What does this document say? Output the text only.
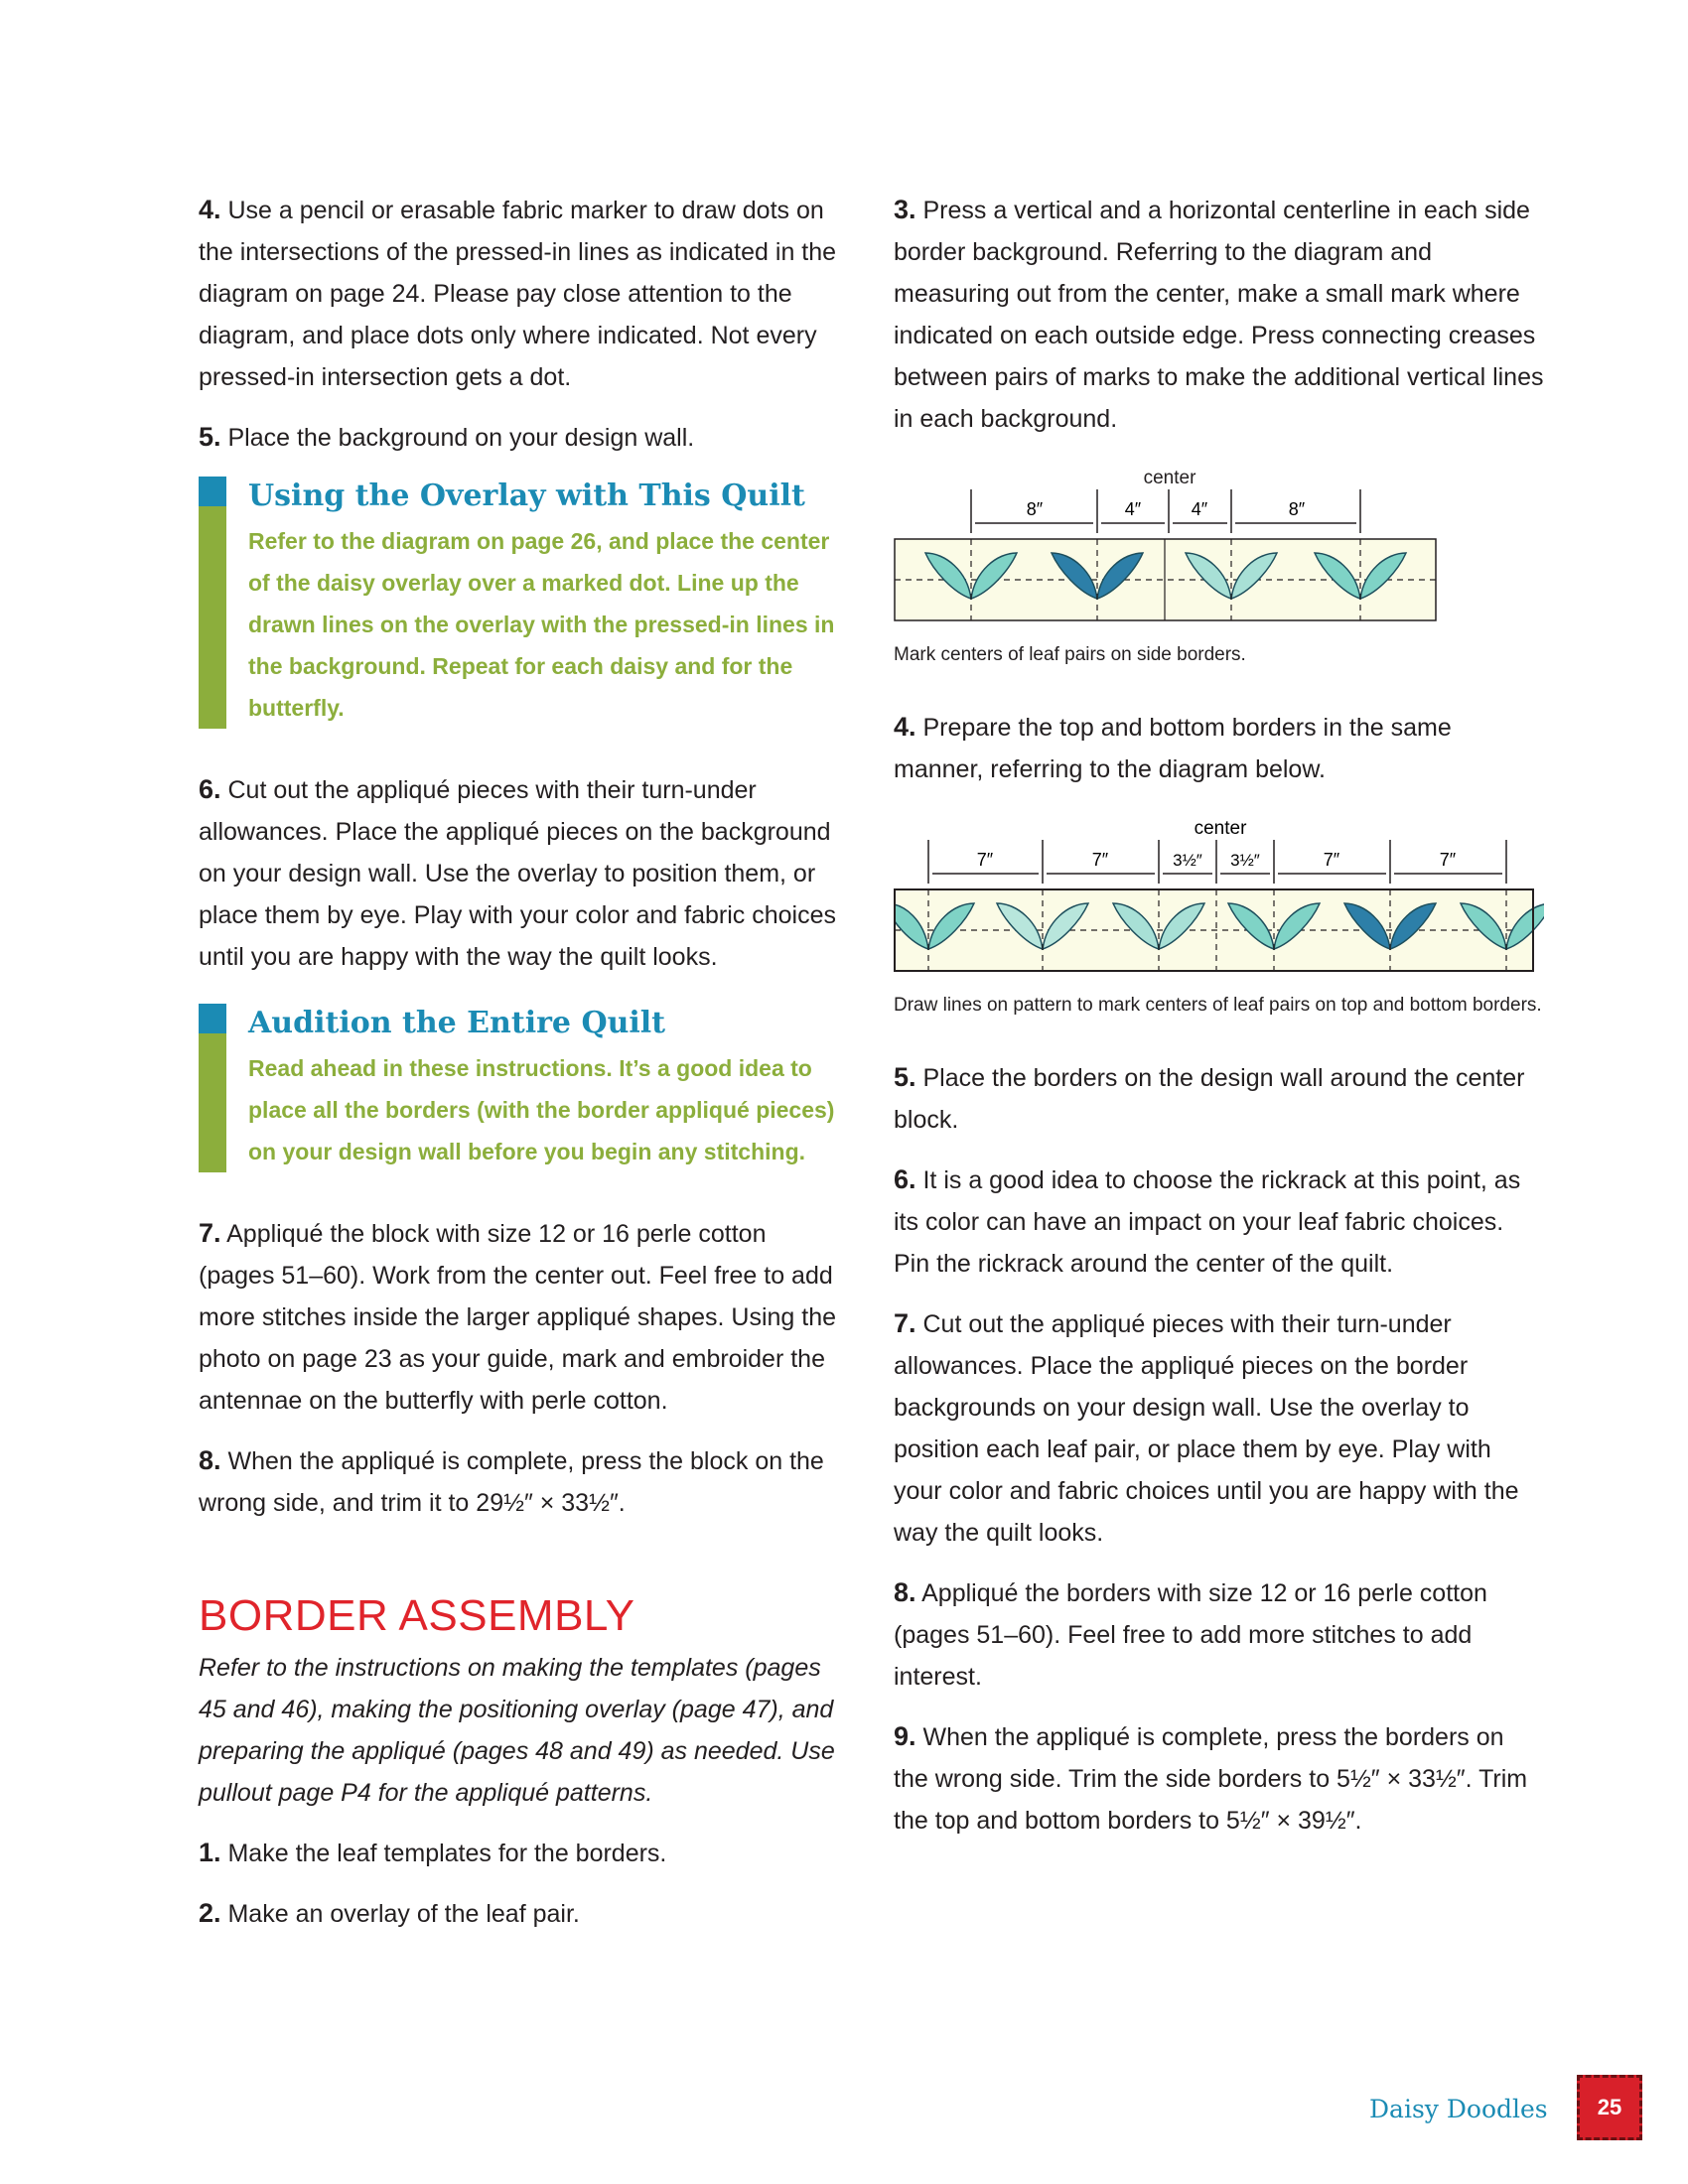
4. Use a pencil or erasable fabric marker to draw dots on the intersections of the pressed-in lines as indicated in the diagram on page 24. Please pay close attention to the diagram, and place dots only where indicated. Not every pressed-in intersection gets a dot.

5. Place the background on your design wall.

Using the Overlay with This Quilt

Refer to the diagram on page 26, and place the center of the daisy overlay over a marked dot. Line up the drawn lines on the overlay with the pressed-in lines in the background. Repeat for each daisy and for the butterfly.

6. Cut out the appliqué pieces with their turn-under allowances. Place the appliqué pieces on the background on your design wall. Use the overlay to position them, or place them by eye. Play with your color and fabric choices until you are happy with the way the quilt looks.

Audition the Entire Quilt

Read ahead in these instructions. It’s a good idea to place all the borders (with the border appliqué pieces) on your design wall before you begin any stitching.

7. Appliqué the block with size 12 or 16 perle cotton (pages 51–60). Work from the center out. Feel free to add more stitches inside the larger appliqué shapes. Using the photo on page 23 as your guide, mark and embroider the antennae on the butterfly with perle cotton.

8. When the appliqué is complete, press the block on the wrong side, and trim it to 29½″ × 33½″.

BORDER ASSEMBLY

Refer to the instructions on making the templates (pages 45 and 46), making the positioning overlay (page 47), and preparing the appliqué (pages 48 and 49) as needed. Use pullout page P4 for the appliqué patterns.

1. Make the leaf templates for the borders.

2. Make an overlay of the leaf pair.

3. Press a vertical and a horizontal centerline in each side border background. Referring to the diagram and measuring out from the center, make a small mark where indicated on each outside edge. Press connecting creases between pairs of marks to make the additional vertical lines in each background.

center
8″	4″	4″	8″

Mark centers of leaf pairs on side borders.

4. Prepare the top and bottom borders in the same manner, referring to the diagram below.

center
7″	7″	3½″ 3½″	7″	7″

Draw lines on pattern to mark centers of leaf pairs on top and bottom borders.

5. Place the borders on the design wall around the center block.

6. It is a good idea to choose the rickrack at this point, as its color can have an impact on your leaf fabric choices. Pin the rickrack around the center of the quilt.

7. Cut out the appliqué pieces with their turn-under allowances. Place the appliqué pieces on the border backgrounds on your design wall. Use the overlay to position each leaf pair, or place them by eye. Play with your color and fabric choices until you are happy with the way the quilt looks.

8. Appliqué the borders with size 12 or 16 perle cotton (pages 51–60). Feel free to add more stitches to add interest.

9. When the appliqué is complete, press the borders on the wrong side. Trim the side borders to 5½″ × 33½″. Trim the top and bottom borders to 5½″ × 39½″.

Daisy Doodles	25
